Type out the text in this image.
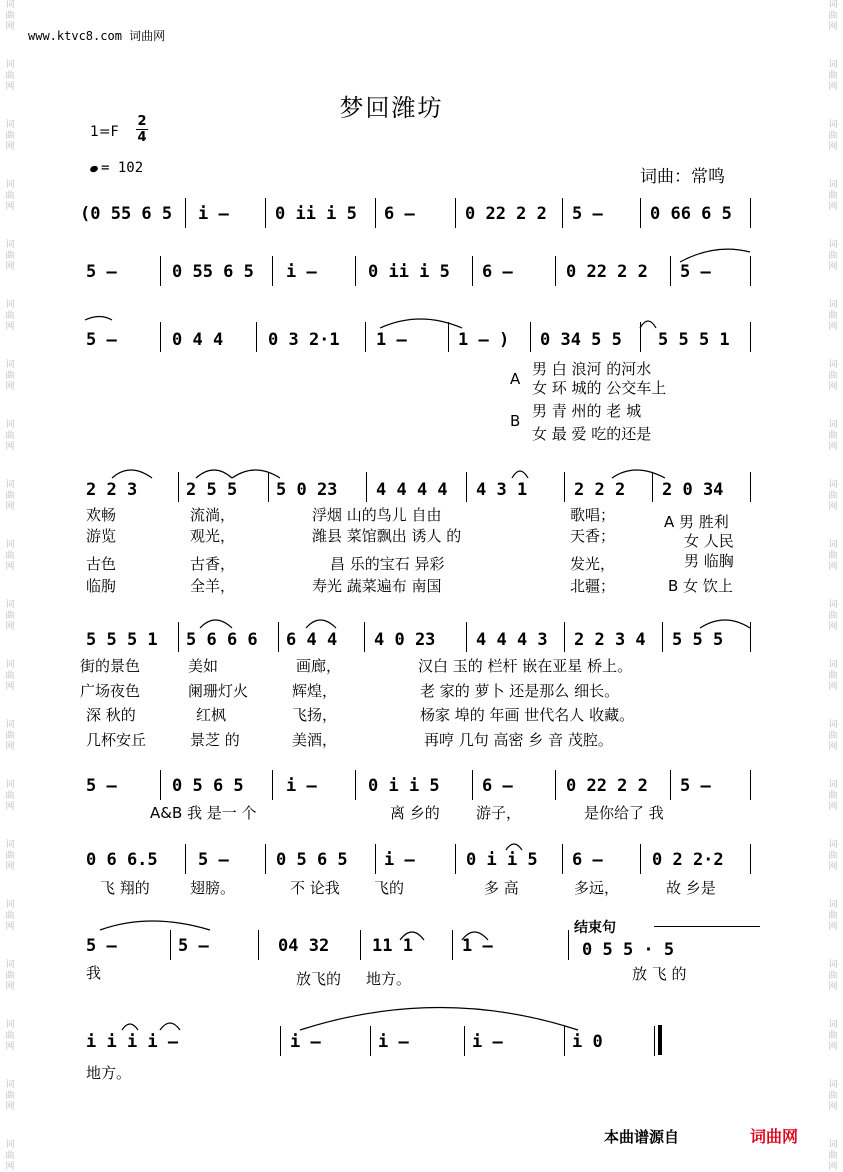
词
曲
网
词
曲
网
词
曲
网
词
曲
网
词
曲
网
词
曲
网
词
曲
网
词
曲
网
词
曲
网
词
曲
网
词
曲
网
词
曲
网
词
曲
网
词
曲
网
词
曲
网
词
曲
网
词
曲
网
词
曲
网
词
曲
网
词
曲
网
词
曲
网
词
曲
网
词
曲
网
词
曲
网
词
曲
网
词
曲
网
词
曲
网
词
曲
网
词
曲
网
词
曲
网
词
曲
网
词
曲
网
词
曲
网
词
曲
网
词
曲
网
词
曲
网
词
曲
网
词
曲
网
词
曲
网
词
曲
网
www.ktvc8.com 词曲网
梦回潍坊
1=F
2
4
= 102	词曲：常鸣
(0 55 6 5 i –	0 ii i 5 6 –	0 22 2 2 5 –	0 66 6 5
5 –	0 55 6 5 i –	0 ii i 5 6 –	0 22 2 2 5 –
5 –	0 4 4	0 3 2·1 1 –	1 – ) 0 34 5 5 5 5 5 1
2 2 3	2 5 5 5 0 23 4 4 4 4 4 3 1	2 2 2 2 0 34
5 5 5 1 5 6 6 6 6 4 4 4 0 23 4 4 4 3 2 2 3 4 5 5 5
5 –	0 5 6 5 i –	0 i i 5 6 –	0 22 2 2 5 –
0 6 6.5 5 –	0 5 6 5 i –	0 i i 5 6 –	0 2 2·2
5 –	5 –	04 32	11 1	1 –	0 5 5 · 5
i i i i –	i –	i –	i –	i 0
A
男 白 浪河 的河水
女 环 城的 公交车上
B
男 青 州的 老 城
女 最 爱 吃的还是
欢畅	流淌，	浮烟 山的鸟儿 自由	歌唱；	A 男 胜利
游览	观光，	潍县 菜馆飘出 诱人 的	天香；	女 人民
古色	古香，	昌 乐的宝石 异彩	发光，	男 临胸
临朐	全羊，	寿光 蔬菜遍布 南国	北疆；	B 女 饮上
街的景色	美如	画廊，	汉白 玉的 栏杆 嵌在亚星 桥上。
广场夜色	阑珊灯火	辉煌，	老 家的 萝卜 还是那么 细长。
深 秋的	红枫	飞扬，	杨家 埠的 年画 世代名人 收藏。
几杯安丘	景芝 的	美酒，	再哼 几句 高密 乡 音 茂腔。
A&B 我 是一 个	离 乡的 游子，	是你给了 我
飞 翔的	翅膀。	不 论我 飞的	多 高	多远，	故 乡是
我	放飞的 地方。	放 飞 的
地方。
结束句
本曲谱源自	词曲网
